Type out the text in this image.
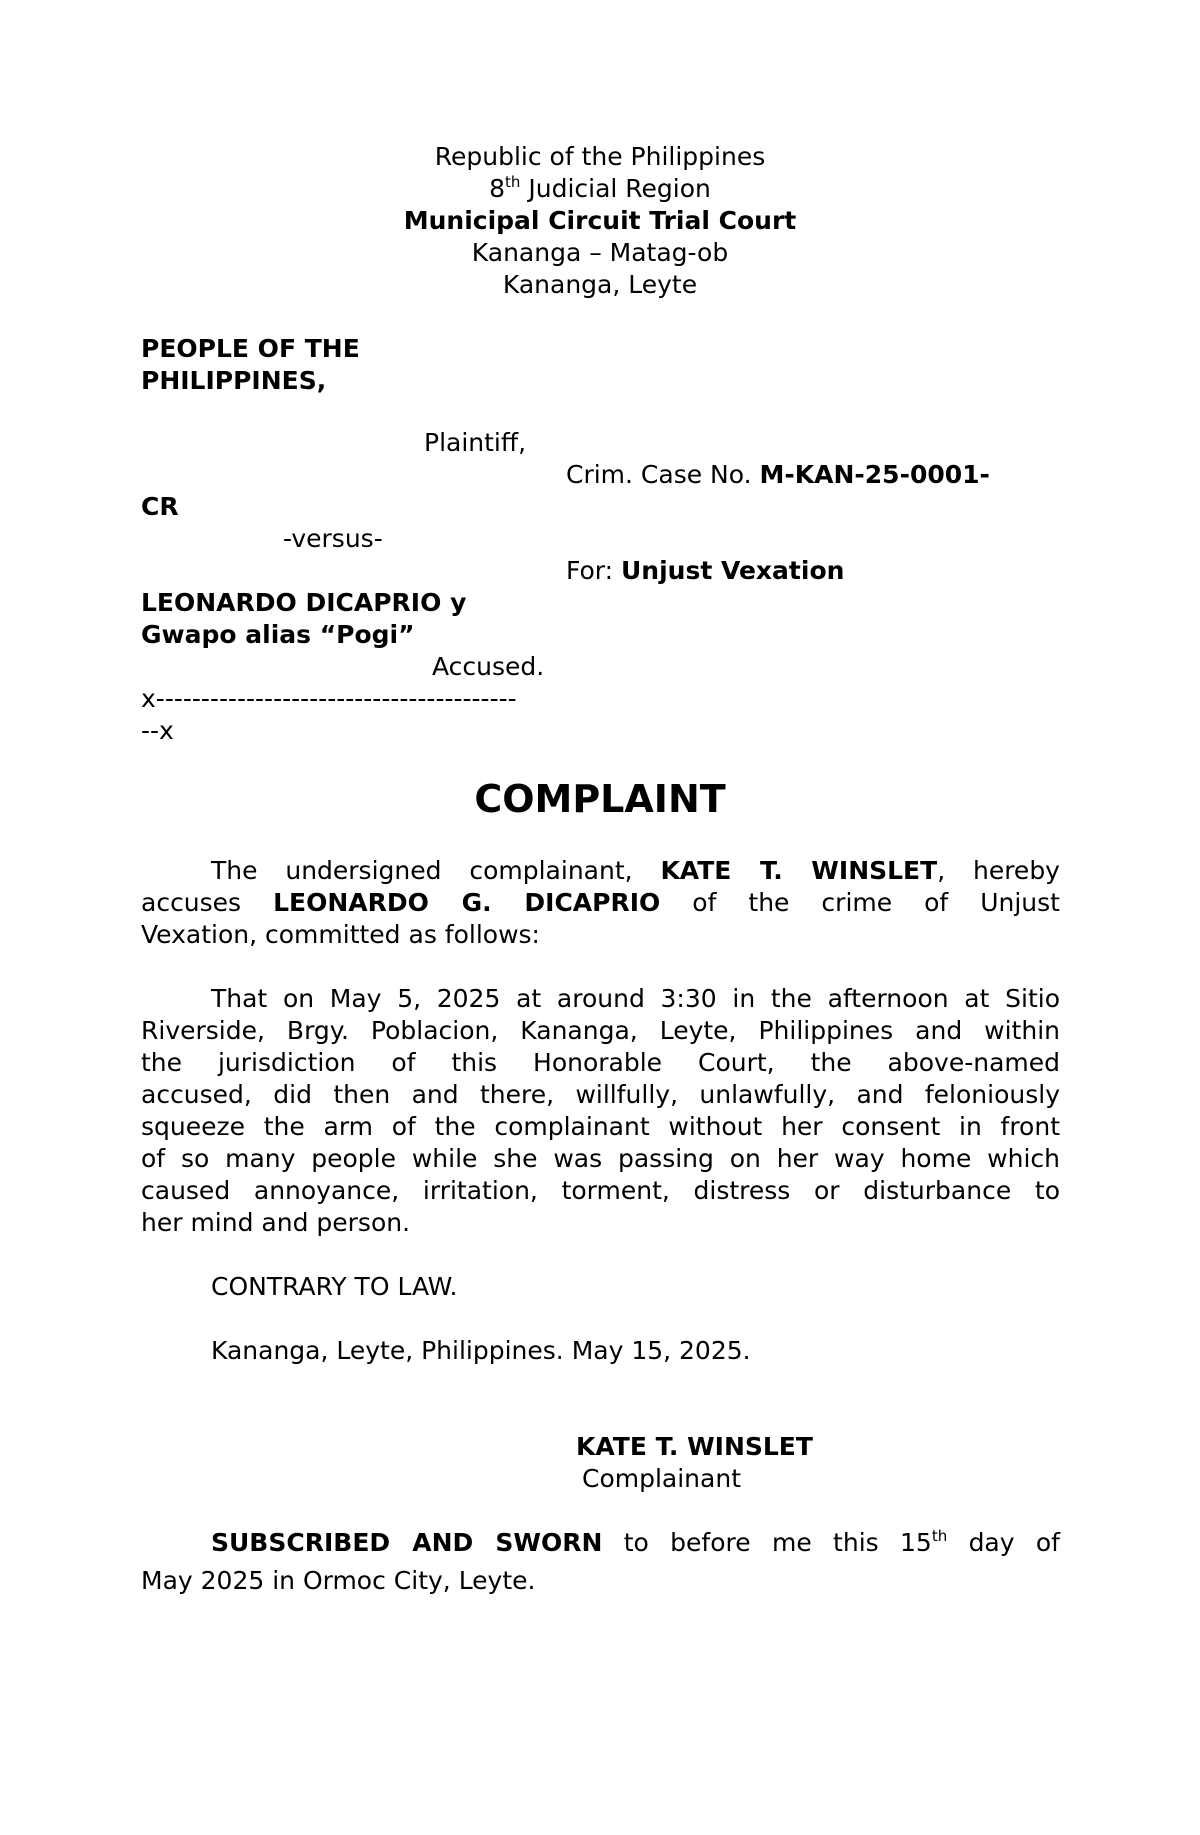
Republic of the Philippines
8th Judicial Region
Municipal Circuit Trial Court
Kananga – Matag-ob
Kananga, Leyte
PEOPLE OF THE
PHILIPPINES,
Plaintiff,
Crim. Case No. M-KAN-25-0001-
CR
-versus-
For: Unjust Vexation
LEONARDO DICAPRIO y
Gwapo alias “Pogi”
Accused.
x----------------------------------------
--x
COMPLAINT
The undersigned complainant, KATE T. WINSLET, hereby
accuses LEONARDO G. DICAPRIO of the crime of Unjust
Vexation, committed as follows:
That on May 5, 2025 at around 3:30 in the afternoon at Sitio
Riverside, Brgy. Poblacion, Kananga, Leyte, Philippines and within
the jurisdiction of this Honorable Court, the above-named
accused, did then and there, willfully, unlawfully, and feloniously
squeeze the arm of the complainant without her consent in front
of so many people while she was passing on her way home which
caused annoyance, irritation, torment, distress or disturbance to
her mind and person.
CONTRARY TO LAW.
Kananga, Leyte, Philippines. May 15, 2025.
KATE T. WINSLET
Complainant
SUBSCRIBED AND SWORN to before me this 15th day of
May 2025 in Ormoc City, Leyte.
